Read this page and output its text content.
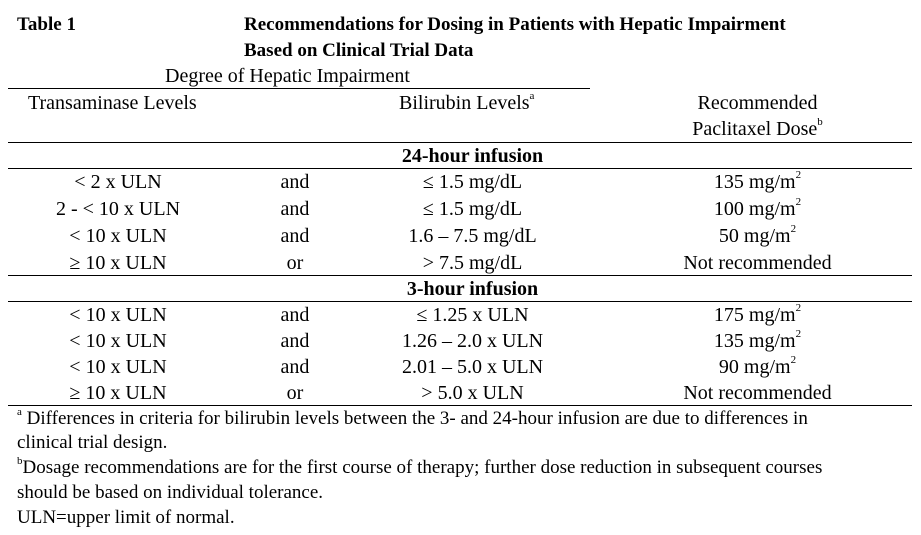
Table 1	Recommendations for Dosing in Patients with Hepatic Impairment
Based on Clinical Trial Data
Degree of Hepatic Impairment
Transaminase Levels	Bilirubin Levels$^a$	Recommended
Paclitaxel Dose$^b$
24-hour infusion
< 2 x ULN	and	≤ 1.5 mg/dL	135 $mg/m^2$
2 - < 10 x ULN	and	≤ 1.5 mg/dL	100 $mg/m^2$
< 10 x ULN	and	1.6 – 7.5 mg/dL	50 $mg/m^2$
≥ 10 x ULN	or	> 7.5 mg/dL	Not recommended
3-hour infusion
< 10 x ULN	and	≤ 1.25 x ULN	175 $mg/m^2$
< 10 x ULN	and	1.26 – 2.0 x ULN	135 $mg/m^2$
< 10 x ULN	and	2.01 – 5.0 x ULN	90 $mg/m^2$
≥ 10 x ULN	or	> 5.0 x ULN	Not recommended
$^a$ Differences in criteria for bilirubin levels between the 3- and 24-hour infusion are due to differences in
clinical trial design.
$^b$Dosage recommendations are for the first course of therapy; further dose reduction in subsequent courses
should be based on individual tolerance.
ULN=upper limit of normal.
